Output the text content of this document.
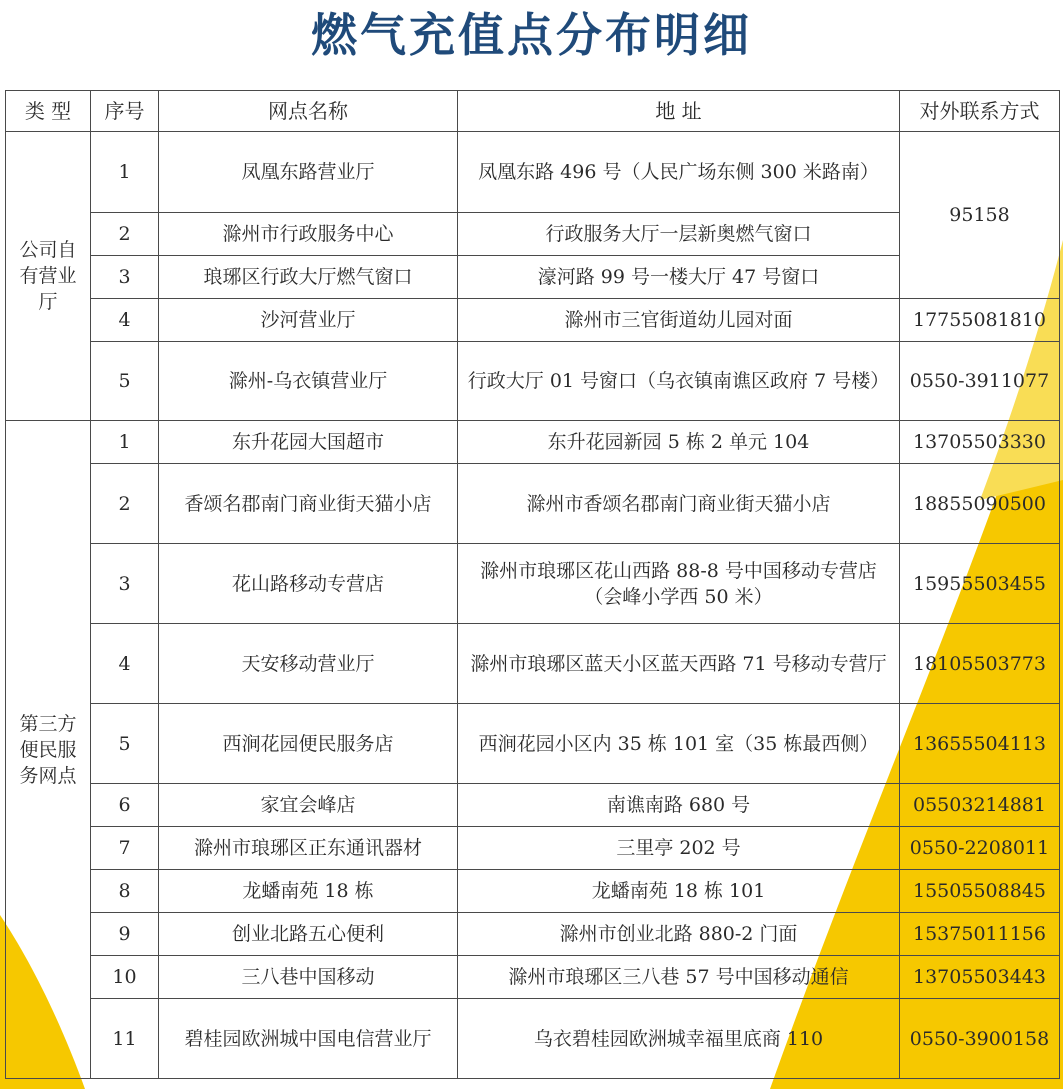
燃气充值点分布明细
类 型	序号	网点名称	地 址	对外联系方式
公司自有营业厅	1	凤凰东路营业厅	凤凰东路 496 号（人民广场东侧 300 米路南）	95158
	2	滁州市行政服务中心	行政服务大厅一层新奥燃气窗口	
	3	琅琊区行政大厅燃气窗口	濠河路 99 号一楼大厅 47 号窗口	
	4	沙河营业厅	滁州市三官街道幼儿园对面	17755081810
	5	滁州-乌衣镇营业厅	行政大厅 01 号窗口（乌衣镇南谯区政府 7 号楼）	0550-3911077
第三方便民服务网点	1	东升花园大国超市	东升花园新园 5 栋 2 单元 104	13705503330
	2	香颂名郡南门商业街天猫小店	滁州市香颂名郡南门商业街天猫小店	18855090500
	3	花山路移动专营店	滁州市琅琊区花山西路 88-8 号中国移动专营店（会峰小学西 50 米）	15955503455
	4	天安移动营业厅	滁州市琅琊区蓝天小区蓝天西路 71 号移动专营厅	18105503773
	5	西涧花园便民服务店	西涧花园小区内 35 栋 101 室（35 栋最西侧）	13655504113
	6	家宜会峰店	南谯南路 680 号	05503214881
	7	滁州市琅琊区正东通讯器材	三里亭 202 号	0550-2208011
	8	龙蟠南苑 18 栋	龙蟠南苑 18 栋 101	15505508845
	9	创业北路五心便利	滁州市创业北路 880-2 门面	15375011156
	10	三八巷中国移动	滁州市琅琊区三八巷 57 号中国移动通信	13705503443
	11	碧桂园欧洲城中国电信营业厅	乌衣碧桂园欧洲城幸福里底商 110	0550-3900158
